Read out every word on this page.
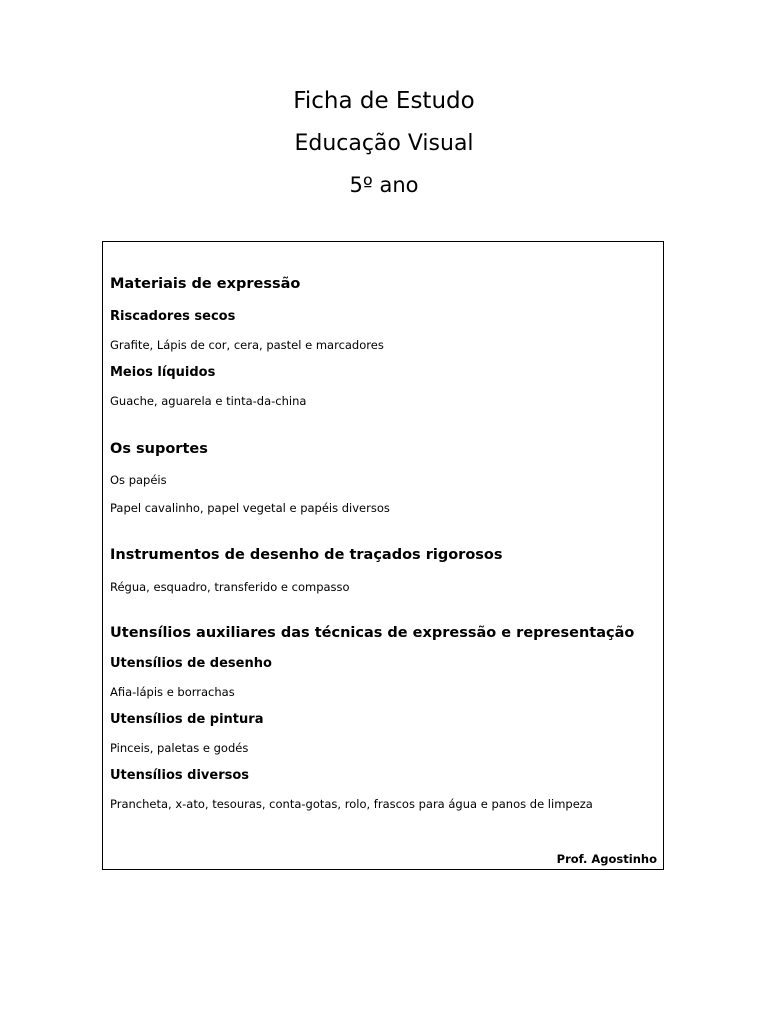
Ficha de Estudo
Educação Visual
5º ano
Materiais de expressão
Riscadores secos
Grafite, Lápis de cor, cera, pastel e marcadores
Meios líquidos
Guache, aguarela e tinta-da-china
Os suportes
Os papéis
Papel cavalinho, papel vegetal e papéis diversos
Instrumentos de desenho de traçados rigorosos
Régua, esquadro, transferido e compasso
Utensílios auxiliares das técnicas de expressão e representação
Utensílios de desenho
Afia-lápis e borrachas
Utensílios de pintura
Pinceis, paletas e godés
Utensílios diversos
Prancheta, x-ato, tesouras, conta-gotas, rolo, frascos para água e panos de limpeza
Prof. Agostinho
